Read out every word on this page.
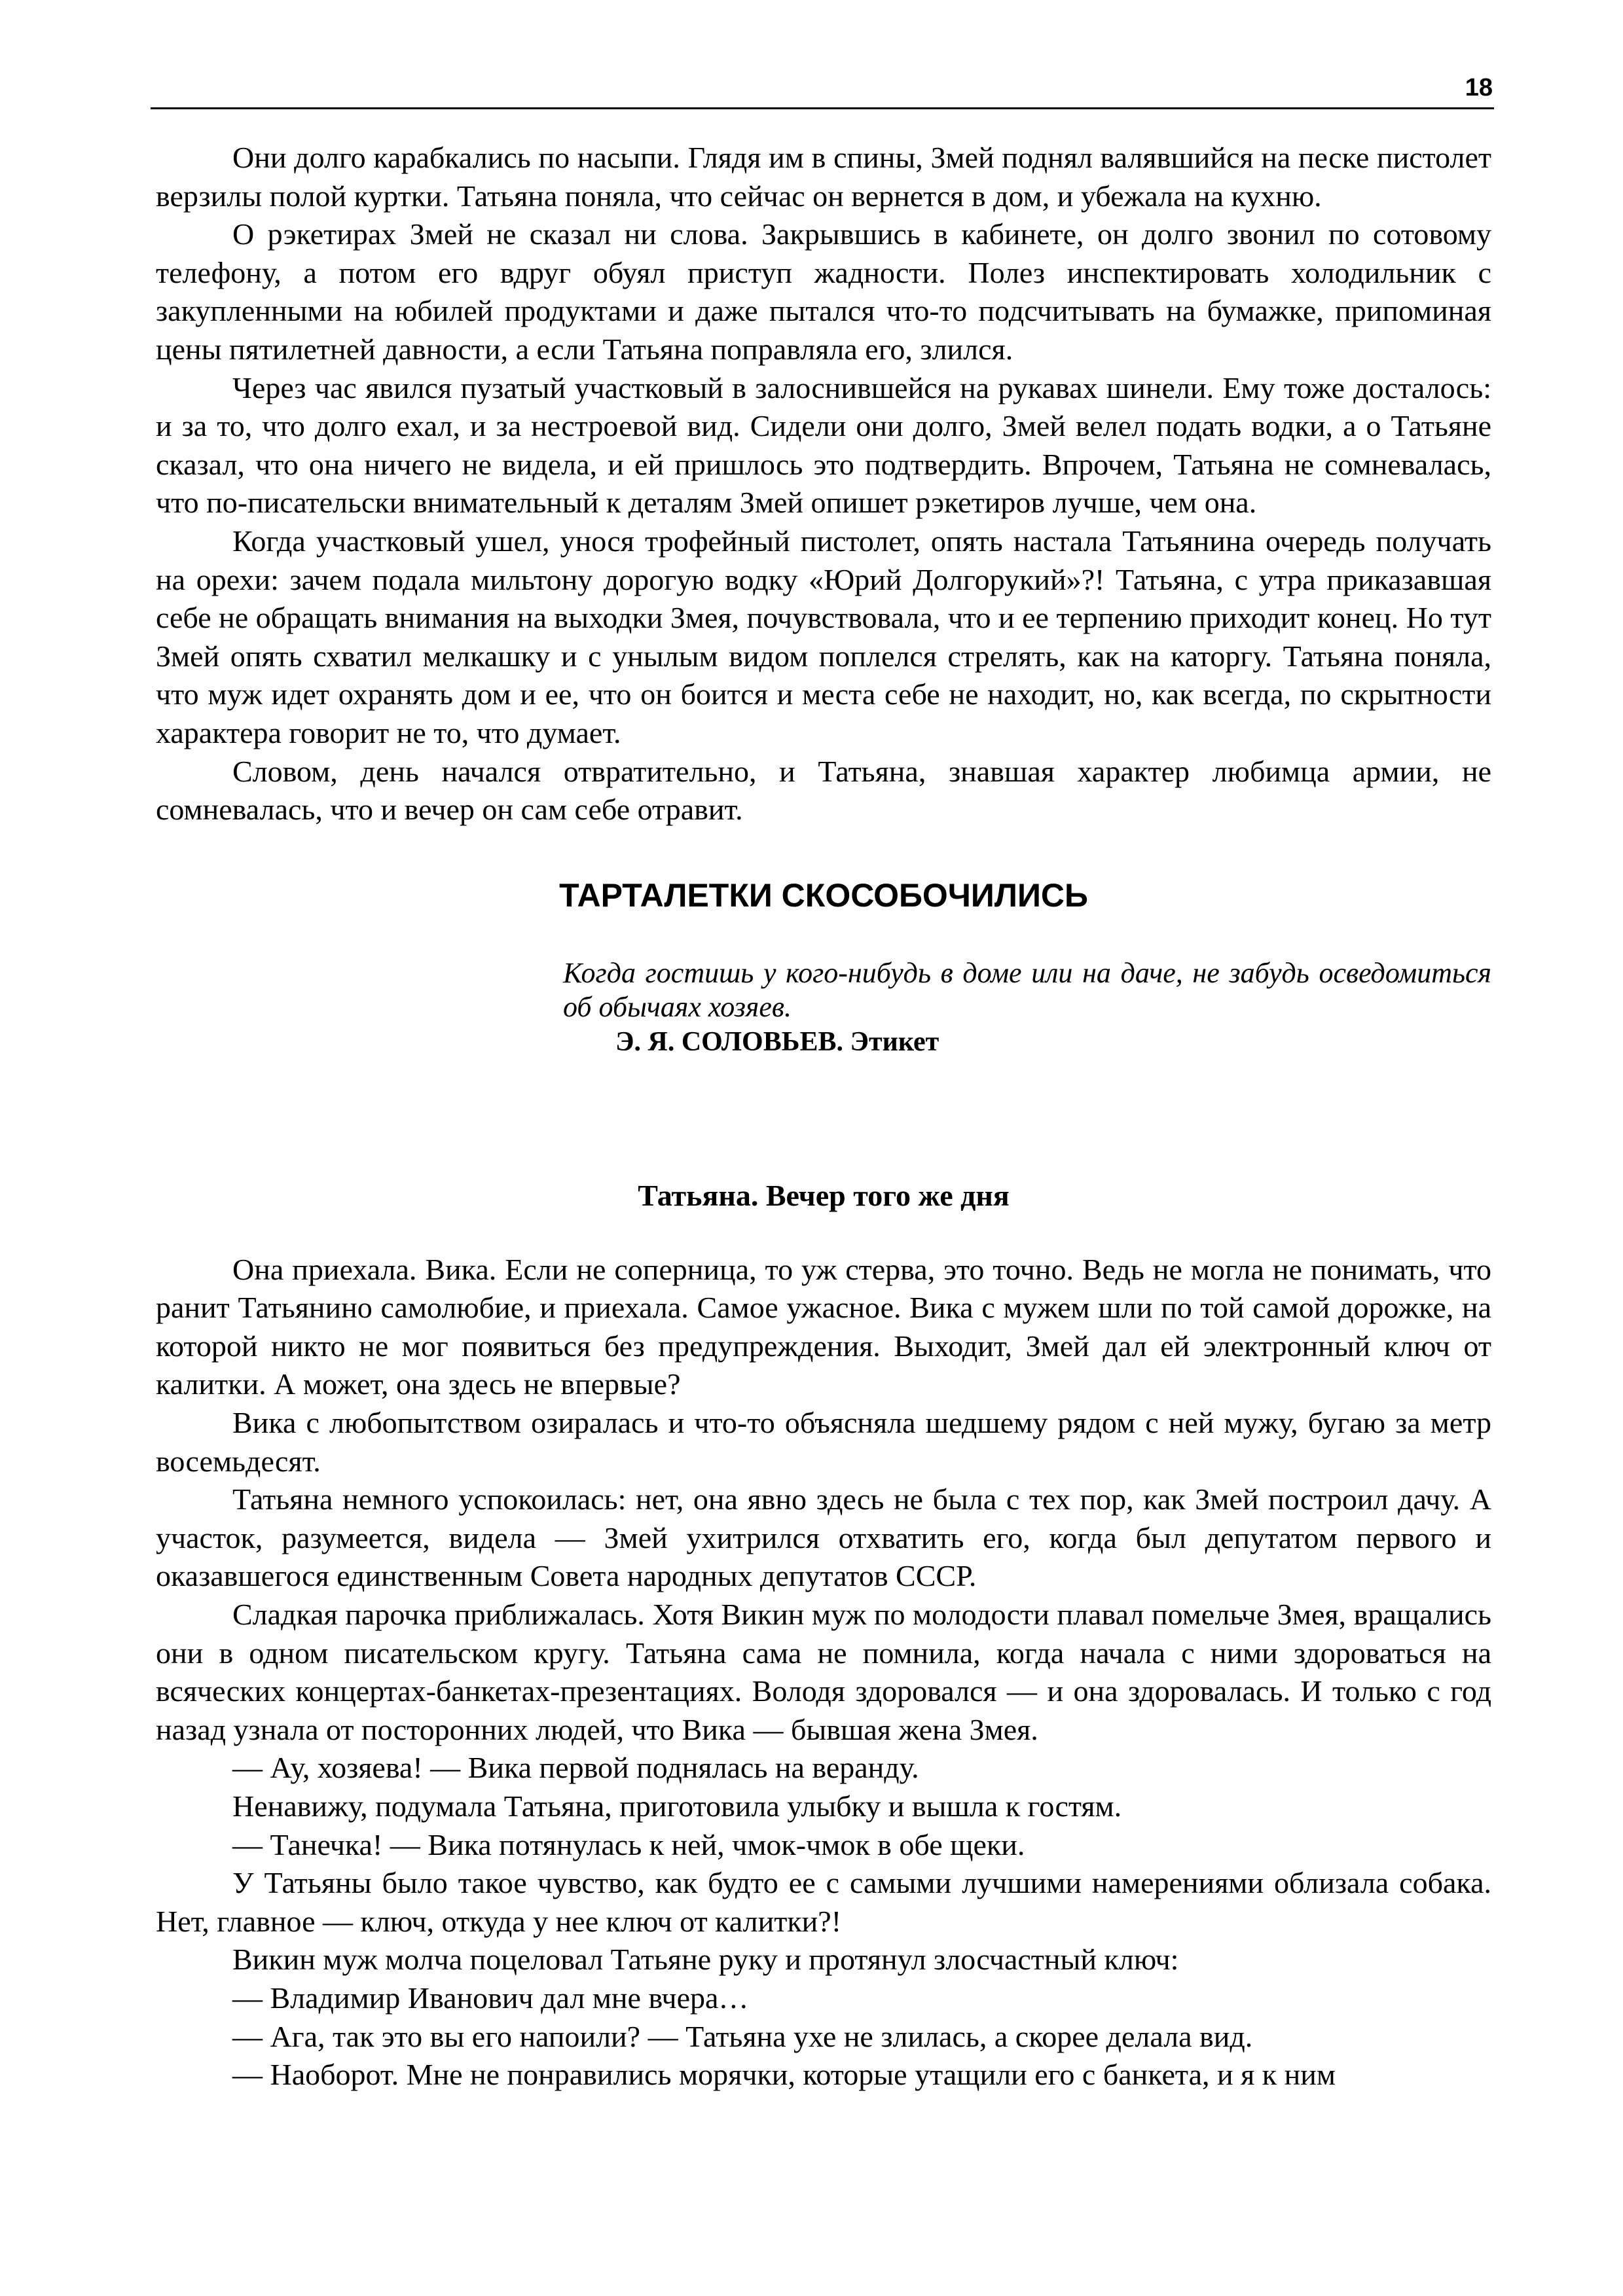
18

Они долго карабкались по насыпи. Глядя им в спины, Змей поднял валявшийся на песке пистолет верзилы полой куртки. Татьяна поняла, что сейчас он вернется в дом, и убежала на кухню.

О рэкетирах Змей не сказал ни слова. Закрывшись в кабинете, он долго звонил по сотовому телефону, а потом его вдруг обуял приступ жадности. Полез инспектировать холодильник с закупленными на юбилей продуктами и даже пытался что-то подсчитывать на бумажке, припоминая цены пятилетней давности, а если Татьяна поправляла его, злился.

Через час явился пузатый участковый в залоснившейся на рукавах шинели. Ему тоже досталось: и за то, что долго ехал, и за нестроевой вид. Сидели они долго, Змей велел подать водки, а о Татьяне сказал, что она ничего не видела, и ей пришлось это подтвердить. Впрочем, Татьяна не сомневалась, что по-писательски внимательный к деталям Змей опишет рэкетиров лучше, чем она.

Когда участковый ушел, унося трофейный пистолет, опять настала Татьянина очередь получать на орехи: зачем подала мильтону дорогую водку «Юрий Долгорукий»?! Татьяна, с утра приказавшая себе не обращать внимания на выходки Змея, почувствовала, что и ее терпению приходит конец. Но тут Змей опять схватил мелкашку и с унылым видом поплелся стрелять, как на каторгу. Татьяна поняла, что муж идет охранять дом и ее, что он боится и места себе не находит, но, как всегда, по скрытности характера говорит не то, что думает.

Словом, день начался отвратительно, и Татьяна, знавшая характер любимца армии, не сомневалась, что и вечер он сам себе отравит.

ТАРТАЛЕТКИ СКОСОБОЧИЛИСЬ

Когда гостишь у кого-нибудь в доме или на даче, не забудь осведомиться об обычаях хозяев.

Э. Я. СОЛОВЬЕВ. Этикет

Татьяна. Вечер того же дня

Она приехала. Вика. Если не соперница, то уж стерва, это точно. Ведь не могла не понимать, что ранит Татьянино самолюбие, и приехала. Самое ужасное. Вика с мужем шли по той самой дорожке, на которой никто не мог появиться без предупреждения. Выходит, Змей дал ей электронный ключ от калитки. А может, она здесь не впервые?

Вика с любопытством озиралась и что-то объясняла шедшему рядом с ней мужу, бугаю за метр восемьдесят.

Татьяна немного успокоилась: нет, она явно здесь не была с тех пор, как Змей построил дачу. А участок, разумеется, видела — Змей ухитрился отхватить его, когда был депутатом первого и оказавшегося единственным Совета народных депутатов СССР.

Сладкая парочка приближалась. Хотя Викин муж по молодости плавал помельче Змея, вращались они в одном писательском кругу. Татьяна сама не помнила, когда начала с ними здороваться на всяческих концертах-банкетах-презентациях. Володя здоровался — и она здоровалась. И только с год назад узнала от посторонних людей, что Вика — бывшая жена Змея.

— Ау, хозяева! — Вика первой поднялась на веранду.

Ненавижу, подумала Татьяна, приготовила улыбку и вышла к гостям.

— Танечка! — Вика потянулась к ней, чмок-чмок в обе щеки.

У Татьяны было такое чувство, как будто ее с самыми лучшими намерениями облизала собака. Нет, главное — ключ, откуда у нее ключ от калитки?!

Викин муж молча поцеловал Татьяне руку и протянул злосчастный ключ:

— Владимир Иванович дал мне вчера…

— Ага, так это вы его напоили? — Татьяна ухе не злилась, а скорее делала вид.

— Наоборот. Мне не понравились морячки, которые утащили его с банкета, и я к ним
